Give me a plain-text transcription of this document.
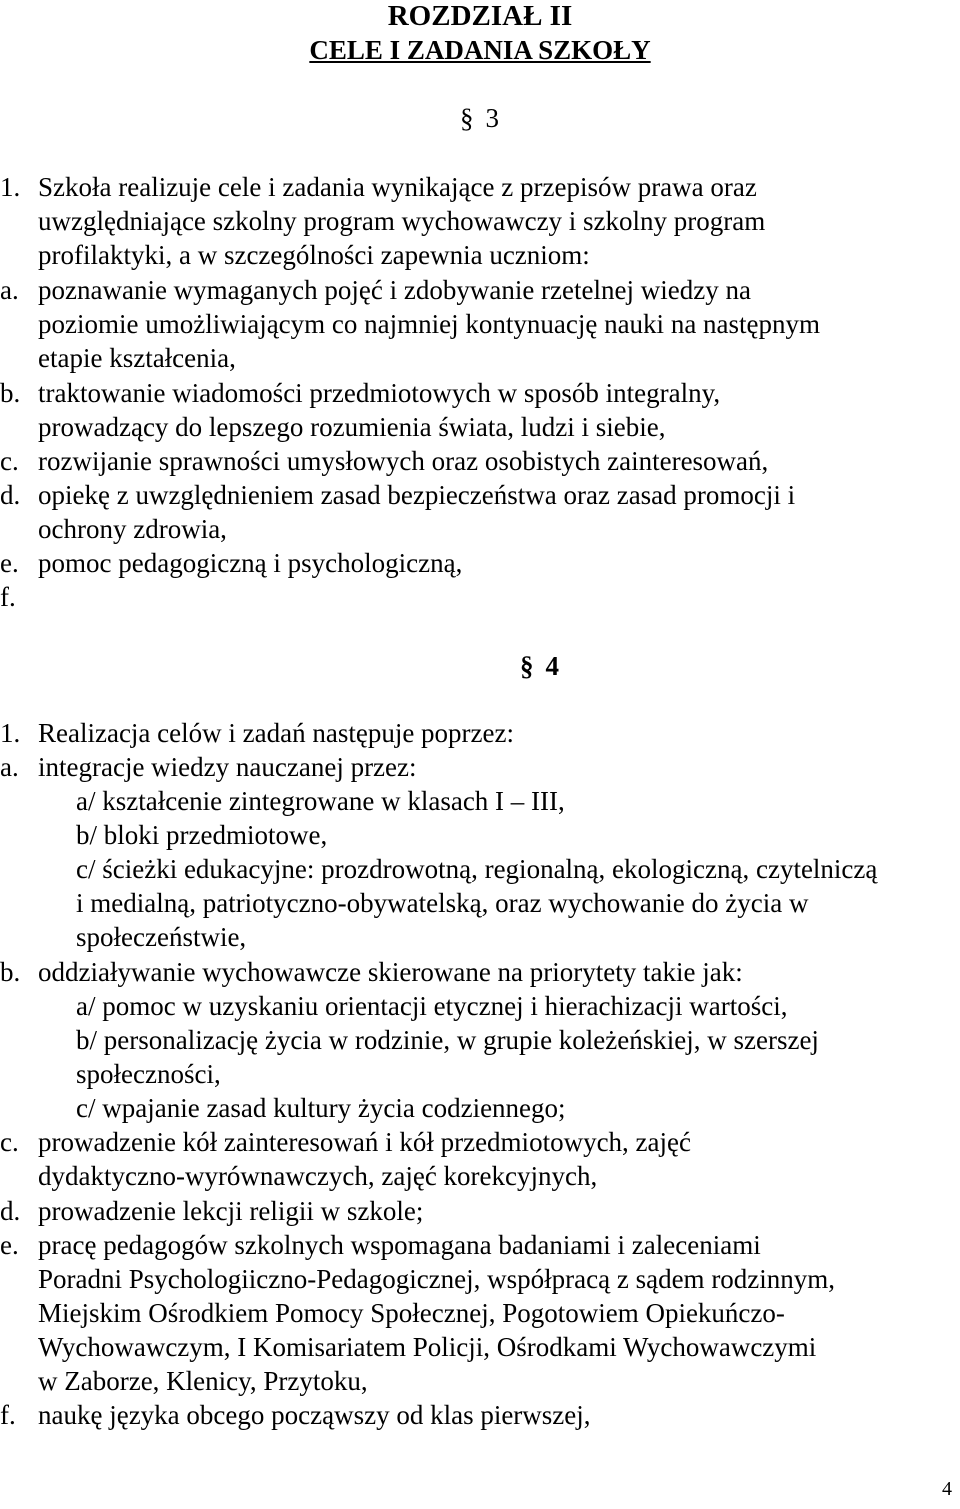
ROZDZIAŁ II
CELE I ZADANIA SZKOŁY
§ 3
1. Szkoła realizuje cele i zadania wynikające z przepisów prawa oraz
uwzględniające szkolny program wychowawczy i szkolny program
profilaktyki, a w szczególności zapewnia uczniom:
a. poznawanie wymaganych pojęć i zdobywanie rzetelnej wiedzy na
poziomie umożliwiającym co najmniej kontynuację nauki na następnym
etapie kształcenia,
b. traktowanie wiadomości przedmiotowych w sposób integralny,
prowadzący do lepszego rozumienia świata, ludzi i siebie,
c. rozwijanie sprawności umysłowych oraz osobistych zainteresowań,
d. opiekę z uwzględnieniem zasad bezpieczeństwa oraz zasad promocji i
ochrony zdrowia,
e. pomoc pedagogiczną i psychologiczną,
f.
§ 4
1. Realizacja celów i zadań następuje poprzez:
a. integracje wiedzy nauczanej przez:
a/ kształcenie zintegrowane w klasach I – III,
b/ bloki przedmiotowe,
c/ ścieżki edukacyjne: prozdrowotną, regionalną, ekologiczną, czytelniczą
i medialną, patriotyczno-obywatelską, oraz wychowanie do życia w
społeczeństwie,
b. oddziaływanie wychowawcze skierowane na priorytety takie jak:
a/ pomoc w uzyskaniu orientacji etycznej i hierachizacji wartości,
b/ personalizację życia w rodzinie, w grupie koleżeńskiej, w szerszej
społeczności,
c/ wpajanie zasad kultury życia codziennego;
c. prowadzenie kół zainteresowań i kół przedmiotowych, zajęć
dydaktyczno-wyrównawczych, zajęć korekcyjnych,
d. prowadzenie lekcji religii w szkole;
e. pracę pedagogów szkolnych wspomagana badaniami i zaleceniami
Poradni Psychologiiczno-Pedagogicznej, współpracą z sądem rodzinnym,
Miejskim Ośrodkiem Pomocy Społecznej, Pogotowiem Opiekuńczo-
Wychowawczym, I Komisariatem Policji, Ośrodkami Wychowawczymi
w Zaborze, Klenicy, Przytoku,
f. naukę języka obcego począwszy od klas pierwszej,
4
